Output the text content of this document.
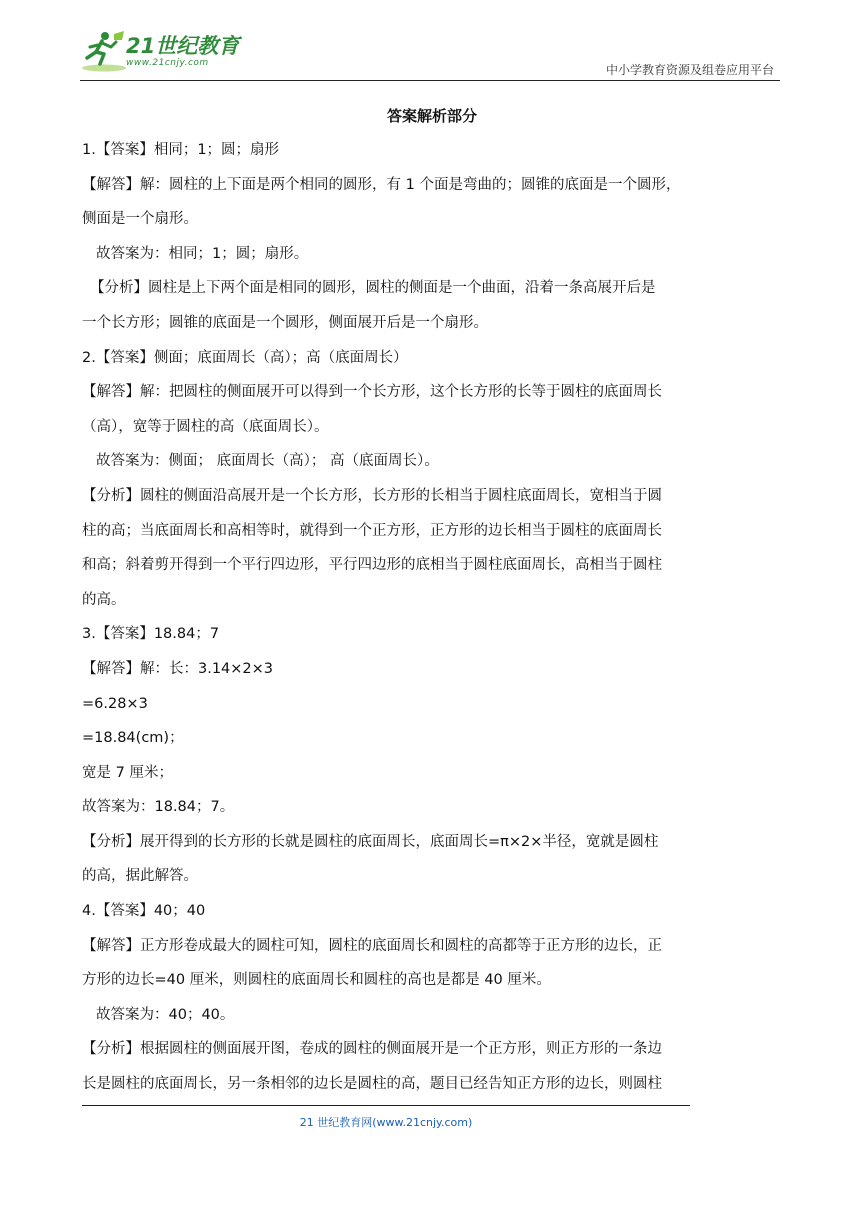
21世纪教育
www.21cnjy.com	中小学教育资源及组卷应用平台
答案解析部分
1.【答案】相同；1；圆；扇形
【解答】解：圆柱的上下面是两个相同的圆形，有 1 个面是弯曲的；圆锥的底面是一个圆形，
侧面是一个扇形。
故答案为：相同；1；圆；扇形。
【分析】圆柱是上下两个面是相同的圆形，圆柱的侧面是一个曲面，沿着一条高展开后是
一个长方形；圆锥的底面是一个圆形，侧面展开后是一个扇形。
2.【答案】侧面；底面周长（高）；高（底面周长）
【解答】解：把圆柱的侧面展开可以得到一个长方形，这个长方形的长等于圆柱的底面周长
（高），宽等于圆柱的高（底面周长）。
故答案为：侧面； 底面周长（高）； 高（底面周长）。
【分析】圆柱的侧面沿高展开是一个长方形，长方形的长相当于圆柱底面周长，宽相当于圆
柱的高；当底面周长和高相等时，就得到一个正方形，正方形的边长相当于圆柱的底面周长
和高；斜着剪开得到一个平行四边形，平行四边形的底相当于圆柱底面周长，高相当于圆柱
的高。
3.【答案】18.84；7
【解答】解：长：3.14×2×3
=6.28×3
=18.84(cm)；
宽是 7 厘米；
故答案为：18.84；7。
【分析】展开得到的长方形的长就是圆柱的底面周长，底面周长=π×2×半径，宽就是圆柱
的高，据此解答。
4.【答案】40；40
【解答】正方形卷成最大的圆柱可知，圆柱的底面周长和圆柱的高都等于正方形的边长，正
方形的边长=40 厘米，则圆柱的底面周长和圆柱的高也是都是 40 厘米。
故答案为：40；40。
【分析】根据圆柱的侧面展开图，卷成的圆柱的侧面展开是一个正方形，则正方形的一条边
长是圆柱的底面周长，另一条相邻的边长是圆柱的高，题目已经告知正方形的边长，则圆柱
21 世纪教育网(www.21cnjy.com)
